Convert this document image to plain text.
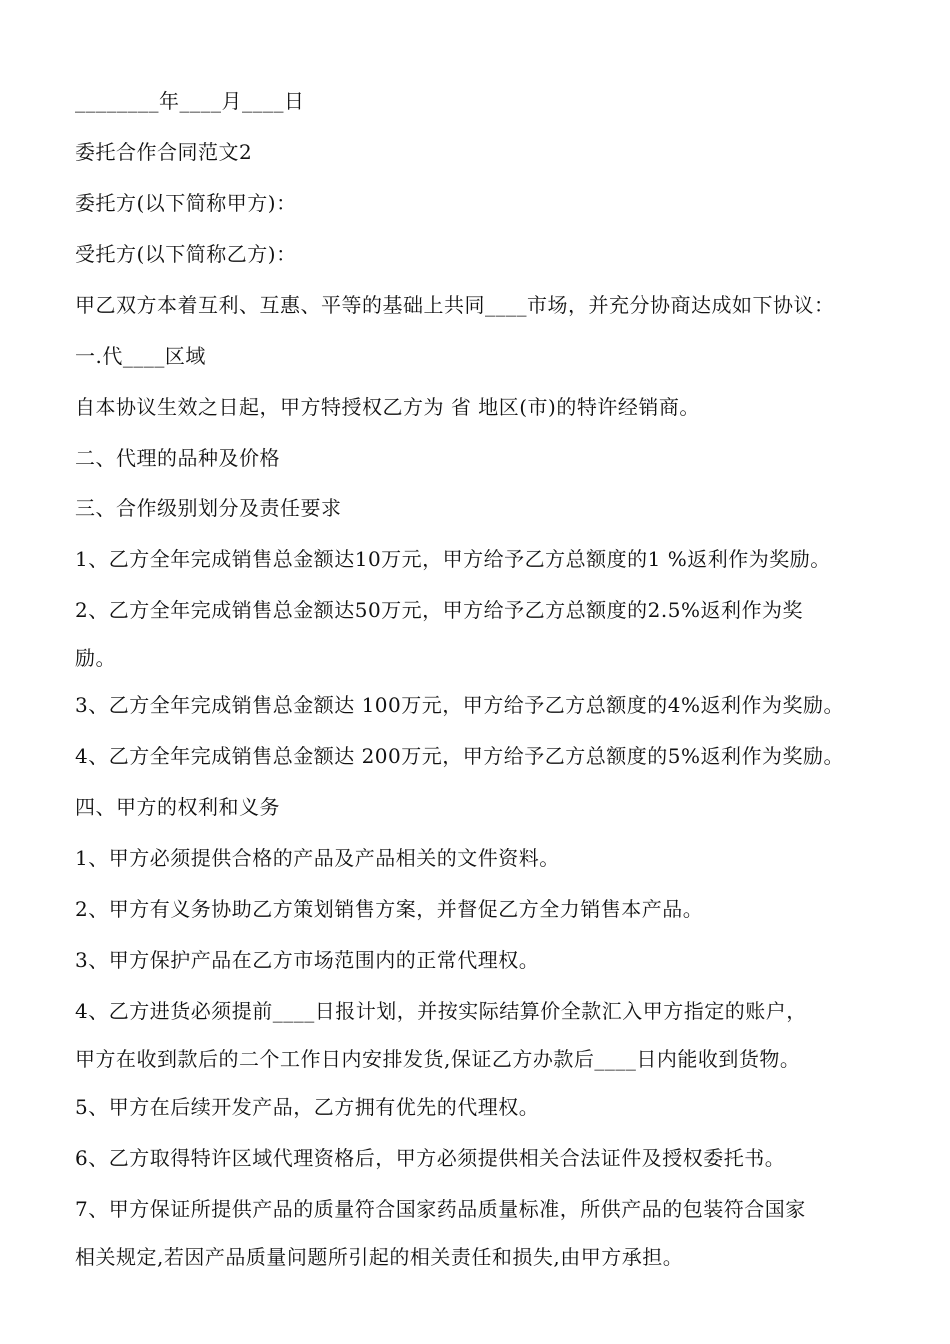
________年____月____日

委托合作合同范文2

委托方(以下简称甲方)：

受托方(以下简称乙方)：

甲乙双方本着互利、互惠、平等的基础上共同____市场，并充分协商达成如下协议：

一.代____区域

自本协议生效之日起，甲方特授权乙方为 省 地区(市)的特许经销商。

二、代理的品种及价格

三、合作级别划分及责任要求

1、乙方全年完成销售总金额达10万元，甲方给予乙方总额度的1 %返利作为奖励。

2、乙方全年完成销售总金额达50万元，甲方给予乙方总额度的2.5%返利作为奖

励。

3、乙方全年完成销售总金额达 100万元，甲方给予乙方总额度的4%返利作为奖励。

4、乙方全年完成销售总金额达 200万元，甲方给予乙方总额度的5%返利作为奖励。

四、甲方的权利和义务

1、甲方必须提供合格的产品及产品相关的文件资料。

2、甲方有义务协助乙方策划销售方案，并督促乙方全力销售本产品。

3、甲方保护产品在乙方市场范围内的正常代理权。

4、乙方进货必须提前____日报计划，并按实际结算价全款汇入甲方指定的账户，

甲方在收到款后的二个工作日内安排发货,保证乙方办款后____日内能收到货物。

5、甲方在后续开发产品，乙方拥有优先的代理权。

6、乙方取得特许区域代理资格后，甲方必须提供相关合法证件及授权委托书。

7、甲方保证所提供产品的质量符合国家药品质量标准，所供产品的包装符合国家

相关规定,若因产品质量问题所引起的相关责任和损失,由甲方承担。
